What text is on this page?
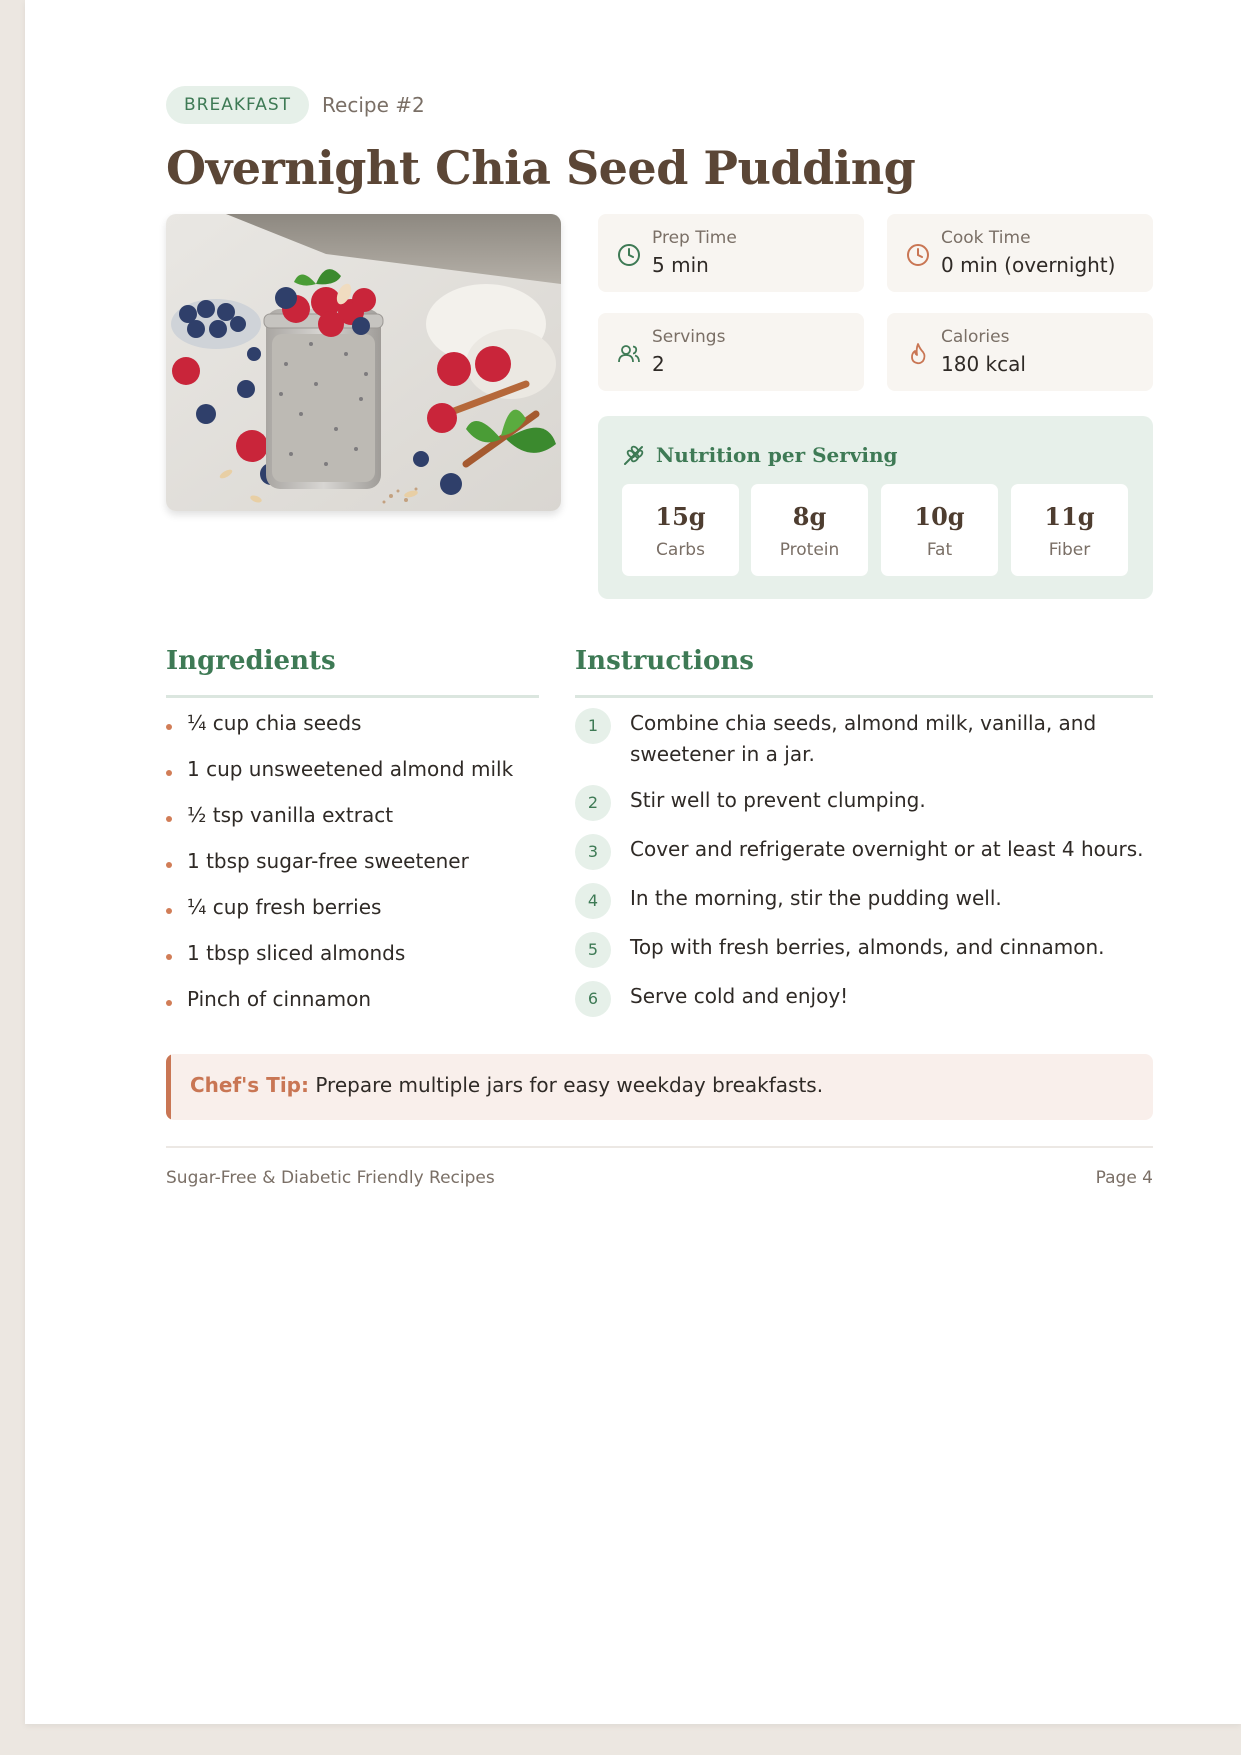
BREAKFAST	Recipe #2
Overnight Chia Seed Pudding
Prep Time
5 min
Cook Time
0 min (overnight)
Servings
2
Calories
180 kcal
Nutrition per Serving
15g
Carbs
8g
Protein
10g
Fat
11g
Fiber
Ingredients	Instructions
¼ cup chia seeds
1 cup unsweetened almond milk
½ tsp vanilla extract
1 tbsp sugar-free sweetener
¼ cup fresh berries
1 tbsp sliced almonds
Pinch of cinnamon
1	Combine chia seeds, almond milk, vanilla, and sweetener in a jar.
2	Stir well to prevent clumping.
3	Cover and refrigerate overnight or at least 4 hours.
4	In the morning, stir the pudding well.
5	Top with fresh berries, almonds, and cinnamon.
6	Serve cold and enjoy!
Chef's Tip: Prepare multiple jars for easy weekday breakfasts.
Sugar-Free & Diabetic Friendly Recipes	Page 4
